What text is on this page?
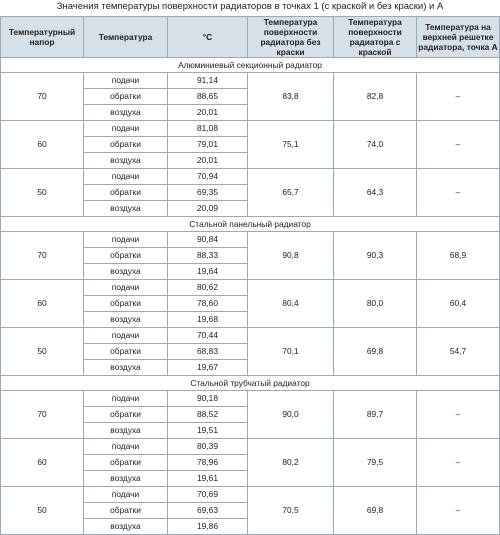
Значения температуры поверхности радиаторов в точках 1 (с краской и без краски) и А
Температурный напор	Температура	°С	Температура поверхности радиатора без краски	Температура поверхности радиатора с краской	Температура на верхней решетке радиатора, точка А
Алюминиевый секционный радиатор					
70	подачи	91,14	83,8	82,8	–
	обратки	88,65			
	воздуха	20,01			
60	подачи	81,08	75,1	74,0	–
	обратки	79,01			
	воздуха	20,01			
50	подачи	70,94	65,7	64,3	–
	обратки	69,35			
	воздуха	20,09			
Стальной панельный радиатор					
70	подачи	90,84	90,8	90,3	68,9
	обратки	88,33			
	воздуха	19,64			
60	подачи	80,62	80,4	80,0	60,4
	обратки	78,60			
	воздуха	19,68			
50	подачи	70,44	70,1	69,8	54,7
	обратки	68,83			
	воздуха	19,67			
Стальной трубчатый радиатор					
70	подачи	90,18	90,0	89,7	–
	обратки	88,52			
	воздуха	19,51			
60	подачи	80,39	80,2	79,5	–
	обратки	78,96			
	воздуха	19,61			
50	подачи	70,69	70,5	69,8	–
	обратки	69,63			
	воздуха	19,86			
